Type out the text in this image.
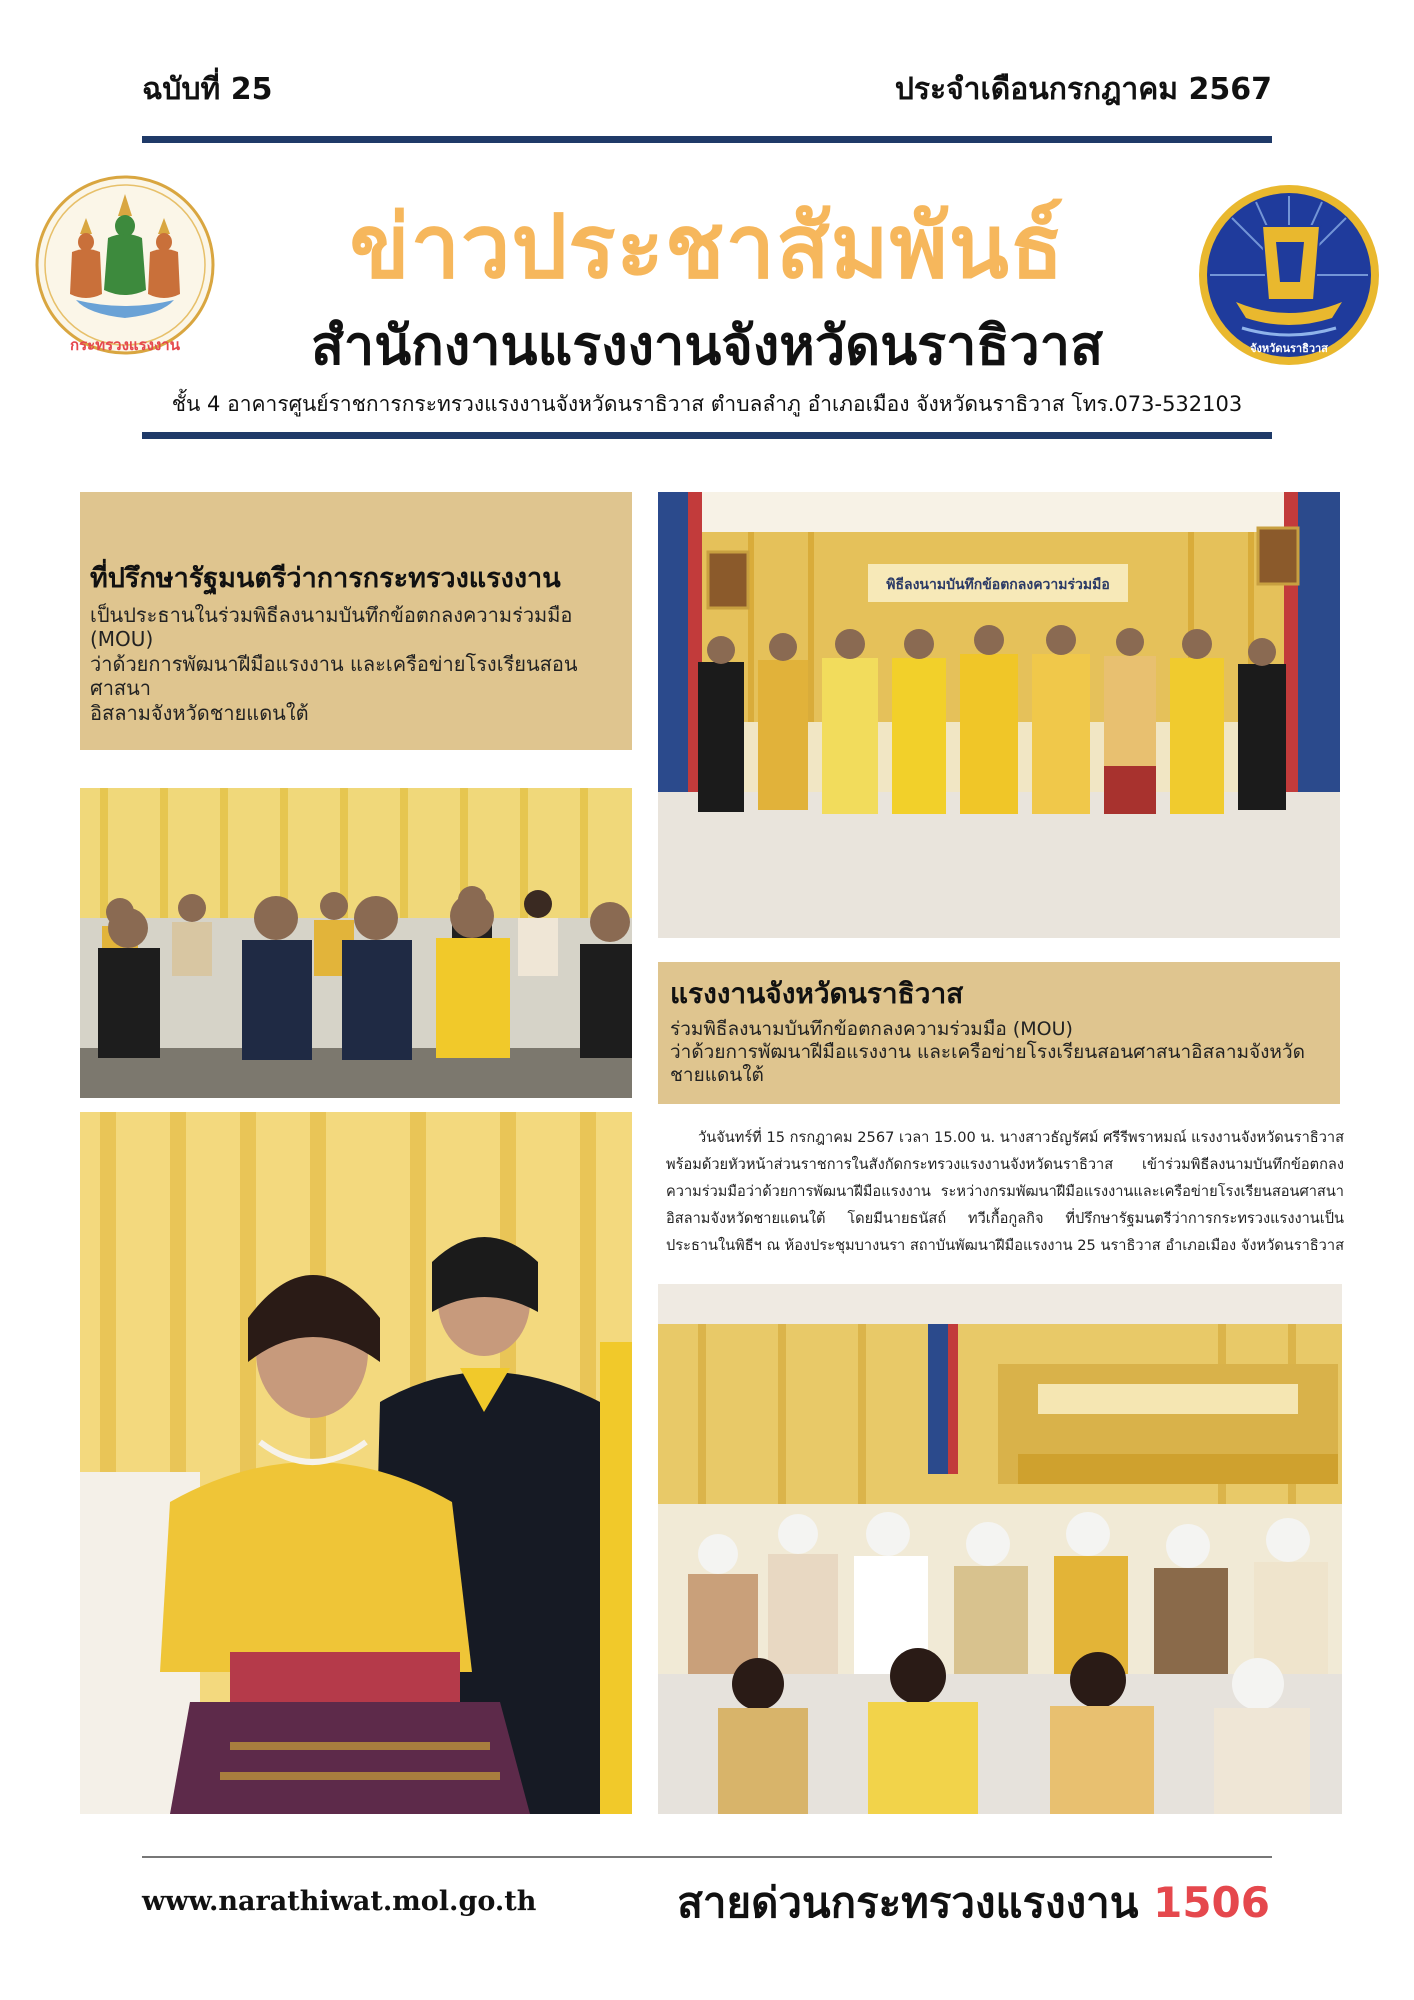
ฉบับที่ 25	ประจำเดือนกรกฎาคม 2567
กระทรวงแรงงาน	จังหวัดนราธิวาส
ข่าวประชาสัมพันธ์
สำนักงานแรงงานจังหวัดนราธิวาส
ชั้น 4 อาคารศูนย์ราชการกระทรวงแรงงานจังหวัดนราธิวาส ตำบลลำภู อำเภอเมือง จังหวัดนราธิวาส โทร.073-532103
ที่ปรึกษารัฐมนตรีว่าการกระทรวงแรงงาน
เป็นประธานในร่วมพิธีลงนามบันทึกข้อตกลงความร่วมมือ (MOU)
ว่าด้วยการพัฒนาฝีมือแรงงาน และเครือข่ายโรงเรียนสอนศาสนา
อิสลามจังหวัดชายแดนใต้
พิธีลงนามบันทึกข้อตกลงความร่วมมือ
แรงงานจังหวัดนราธิวาส
ร่วมพิธีลงนามบันทึกข้อตกลงความร่วมมือ (MOU)
ว่าด้วยการพัฒนาฝีมือแรงงาน และเครือข่ายโรงเรียนสอนศาสนาอิสลามจังหวัด
ชายแดนใต้
วันจันทร์ที่ 15 กรกฎาคม 2567 เวลา 15.00 น. นางสาวธัญรัศม์ ศรีรีพราหมณ์ แรงงานจังหวัดนราธิวาส พร้อมด้วยหัวหน้าส่วนราชการในสังกัดกระทรวงแรงงานจังหวัดนราธิวาส เข้าร่วมพิธีลงนามบันทึกข้อตกลงความร่วมมือว่าด้วยการพัฒนาฝีมือแรงงาน ระหว่างกรมพัฒนาฝีมือแรงงานและเครือข่ายโรงเรียนสอนศาสนาอิสลามจังหวัดชายแดนใต้ โดยมีนายธนัสถ์ ทวีเกื้อกูลกิจ ที่ปรึกษารัฐมนตรีว่าการกระทรวงแรงงานเป็นประธานในพิธีฯ ณ ห้องประชุมบางนรา สถาบันพัฒนาฝีมือแรงงาน 25 นราธิวาส อำเภอเมือง จังหวัดนราธิวาส
www.narathiwat.mol.go.th	สายด่วนกระทรวงแรงงาน 1506
